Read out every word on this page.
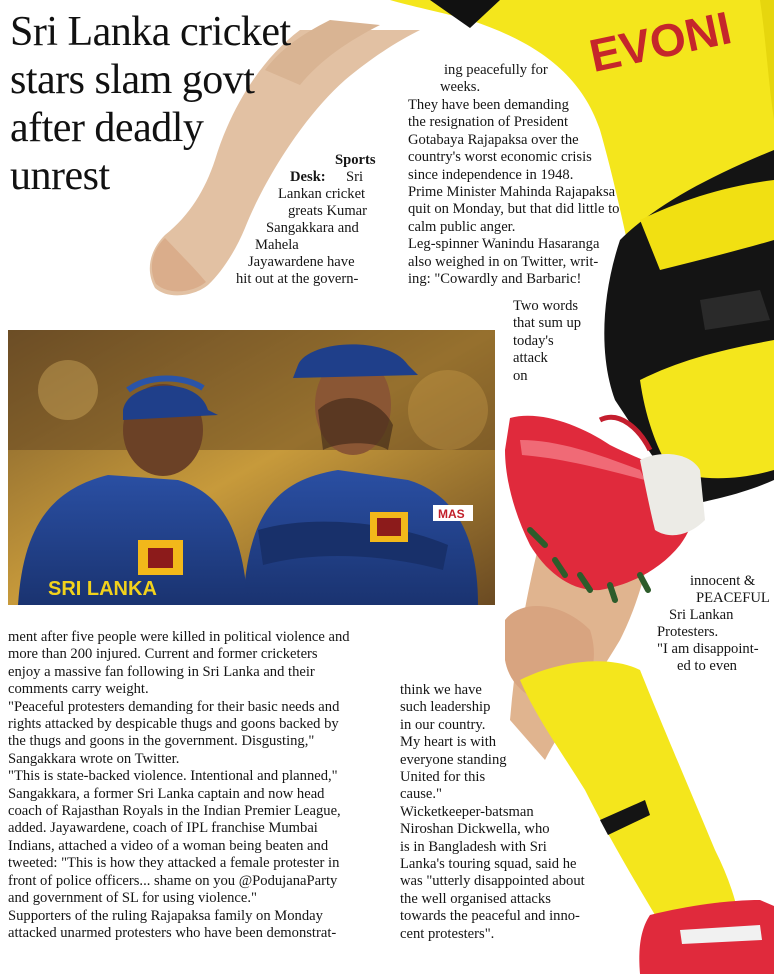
EVONI
Sri Lanka cricket
stars slam govt
after deadly
unrest	Sports
Desk: Sri
Lankan cricket
greats Kumar
Sangakkara and
Mahela
Jayawardene have
hit out at the govern-
ing peacefully for
weeks.
They have been demanding
the resignation of President
Gotabaya Rajapaksa over the
country's worst economic crisis
since independence in 1948.
Prime Minister Mahinda Rajapaksa
quit on Monday, but that did little to
calm public anger.
Leg-spinner Wanindu Hasaranga
also weighed in on Twitter, writ-
ing: "Cowardly and Barbaric!
Two words
that sum up
today's
attack
on
innocent &
PEACEFUL
Sri Lankan
Protesters.
"I am disappoint-
ed to even
SRI LANKA
MAS
ment after five people were killed in political violence and
more than 200 injured. Current and former cricketers
enjoy a massive fan following in Sri Lanka and their
comments carry weight.
"Peaceful protesters demanding for their basic needs and
rights attacked by despicable thugs and goons backed by
the thugs and goons in the government. Disgusting,"
Sangakkara wrote on Twitter.
"This is state-backed violence. Intentional and planned,"
Sangakkara, a former Sri Lanka captain and now head
coach of Rajasthan Royals in the Indian Premier League,
added. Jayawardene, coach of IPL franchise Mumbai
Indians, attached a video of a woman being beaten and
tweeted: "This is how they attacked a female protester in
front of police officers... shame on you @PodujanaParty
and government of SL for using violence."
Supporters of the ruling Rajapaksa family on Monday
attacked unarmed protesters who have been demonstrat-
think we have
such leadership
in our country.
My heart is with
everyone standing
United for this
cause."
Wicketkeeper-batsman
Niroshan Dickwella, who
is in Bangladesh with Sri
Lanka's touring squad, said he
was "utterly disappointed about
the well organised attacks
towards the peaceful and inno-
cent protesters".
